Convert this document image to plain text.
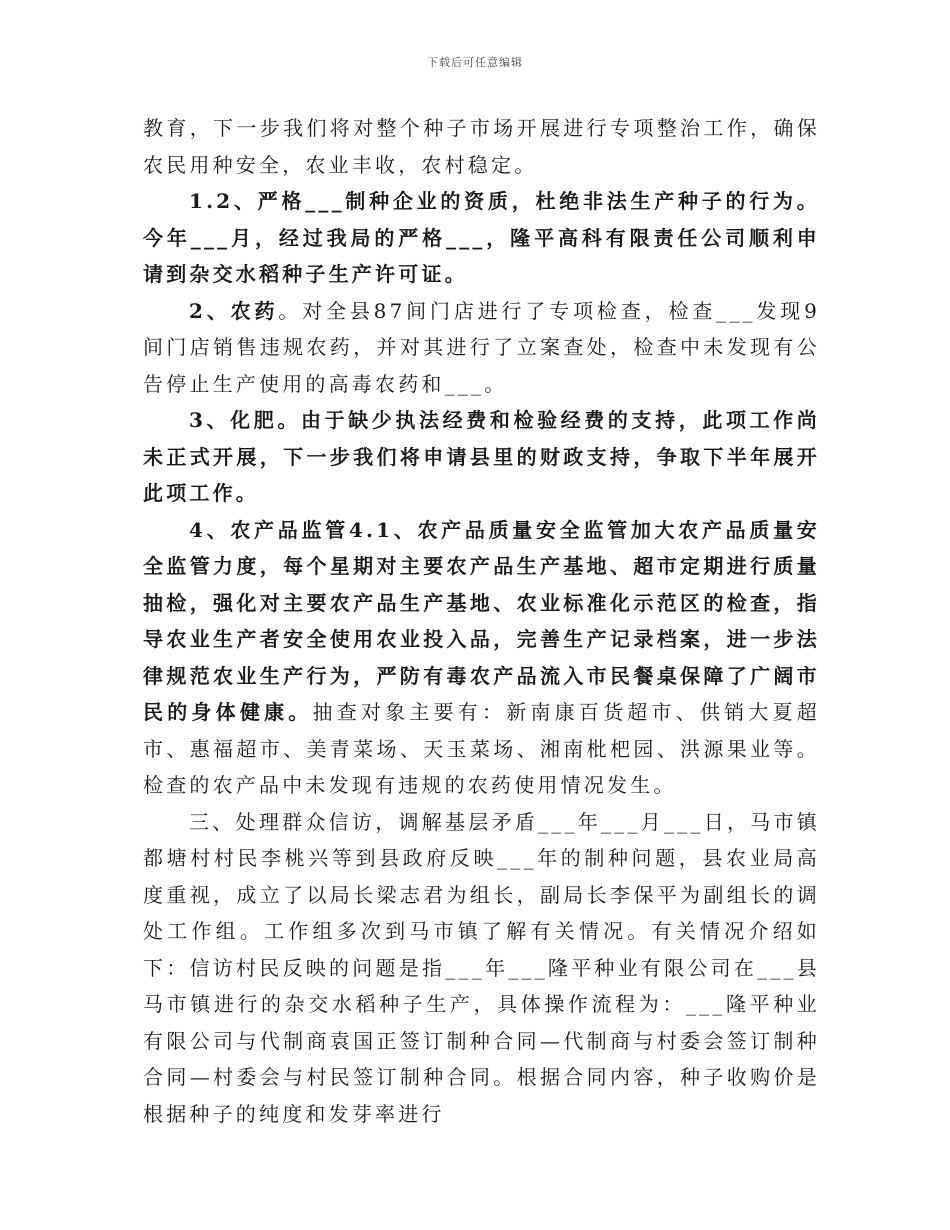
下载后可任意编辑

教育，下一步我们将对整个种子市场开展进行专项整治工作，确保农民用种安全，农业丰收，农村稳定。

1.2、严格___制种企业的资质，杜绝非法生产种子的行为。今年___月，经过我局的严格___，隆平高科有限责任公司顺利申请到杂交水稻种子生产许可证。

2、农药。对全县87间门店进行了专项检查，检查___发现9间门店销售违规农药，并对其进行了立案查处，检查中未发现有公告停止生产使用的高毒农药和___。

3、化肥。由于缺少执法经费和检验经费的支持，此项工作尚未正式开展，下一步我们将申请县里的财政支持，争取下半年展开此项工作。

4、农产品监管4.1、农产品质量安全监管加大农产品质量安全监管力度，每个星期对主要农产品生产基地、超市定期进行质量抽检，强化对主要农产品生产基地、农业标准化示范区的检查，指导农业生产者安全使用农业投入品，完善生产记录档案，进一步法律规范农业生产行为，严防有毒农产品流入市民餐桌保障了广阔市民的身体健康。抽查对象主要有：新南康百货超市、供销大夏超市、惠福超市、美青菜场、天玉菜场、湘南枇杷园、洪源果业等。检查的农产品中未发现有违规的农药使用情况发生。

三、处理群众信访，调解基层矛盾___年___月___日，马市镇都塘村村民李桃兴等到县政府反映___年的制种问题，县农业局高度重视，成立了以局长梁志君为组长，副局长李保平为副组长的调处工作组。工作组多次到马市镇了解有关情况。有关情况介绍如下：信访村民反映的问题是指___年___隆平种业有限公司在___县马市镇进行的杂交水稻种子生产，具体操作流程为：___隆平种业有限公司与代制商袁国正签订制种合同—代制商与村委会签订制种合同—村委会与村民签订制种合同。根据合同内容，种子收购价是根据种子的纯度和发芽率进行
